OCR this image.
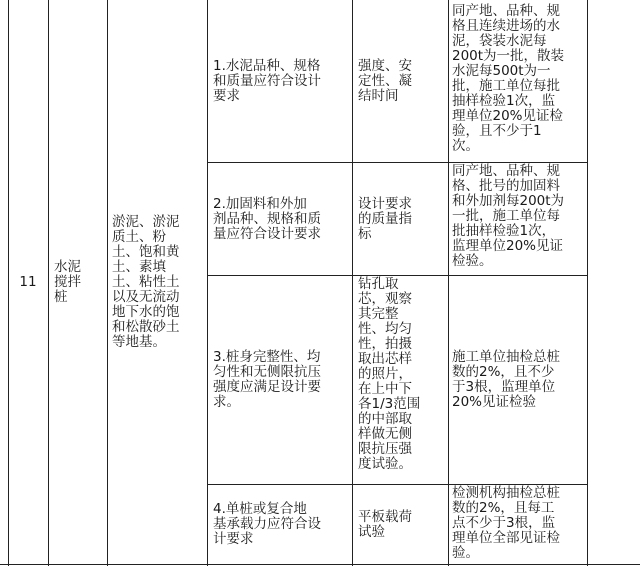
11
水泥
搅拌
桩
淤泥、淤泥
质土、粉
土、饱和黄
土、素填
土、粘性土
以及无流动
地下水的饱
和松散砂土
等地基。
1.水泥品种、规格
和质量应符合设计
要求
强度、安
定性、凝
结时间
同产地、品种、规
格且连续进场的水
泥，袋装水泥每
200t为一批，散装
水泥每500t为一
批，施工单位每批
抽样检验1次，监
理单位20%见证检
验，且不少于1
次。
2.加固料和外加
剂品种、规格和质
量应符合设计要求
设计要求
的质量指
标
同产地、品种、规
格、批号的加固料
和外加剂每200t为
一批，施工单位每
批抽样检验1次，
监理单位20%见证
检验。
3.桩身完整性、均
匀性和无侧限抗压
强度应满足设计要
求。
钻孔取
芯，观察
其完整
性、均匀
性，拍摄
取出芯样
的照片，
在上中下
各1/3范围
的中部取
样做无侧
限抗压强
度试验。
施工单位抽检总桩
数的2%，且不少
于3根，监理单位
20%见证检验
4.单桩或复合地
基承载力应符合设
计要求
平板载荷
试验
检测机构抽检总桩
数的2%，且每工
点不少于3根，监
理单位全部见证检
验。
